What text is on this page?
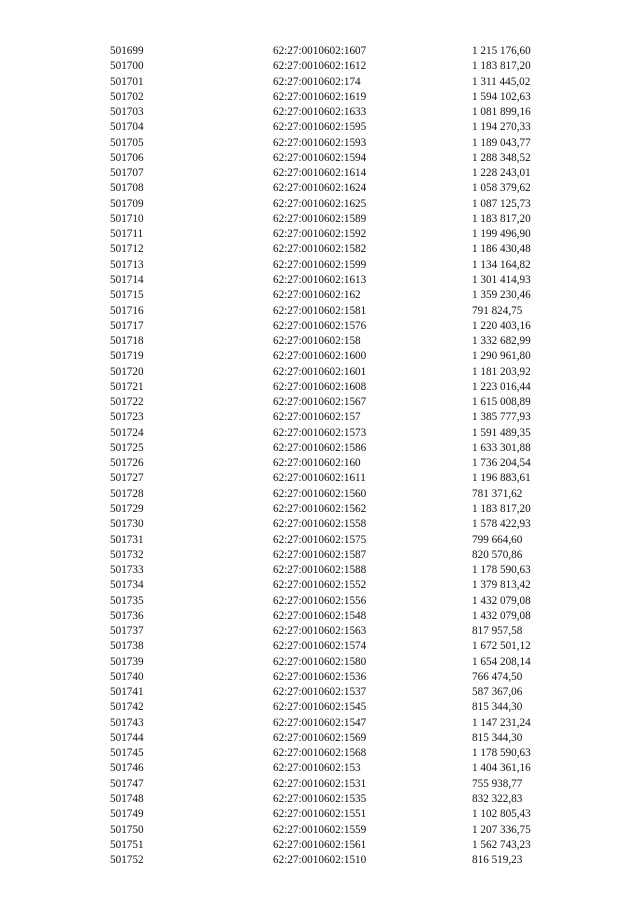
501699	62:27:0010602:1607	1 215 176,60
501700	62:27:0010602:1612	1 183 817,20
501701	62:27:0010602:174	1 311 445,02
501702	62:27:0010602:1619	1 594 102,63
501703	62:27:0010602:1633	1 081 899,16
501704	62:27:0010602:1595	1 194 270,33
501705	62:27:0010602:1593	1 189 043,77
501706	62:27:0010602:1594	1 288 348,52
501707	62:27:0010602:1614	1 228 243,01
501708	62:27:0010602:1624	1 058 379,62
501709	62:27:0010602:1625	1 087 125,73
501710	62:27:0010602:1589	1 183 817,20
501711	62:27:0010602:1592	1 199 496,90
501712	62:27:0010602:1582	1 186 430,48
501713	62:27:0010602:1599	1 134 164,82
501714	62:27:0010602:1613	1 301 414,93
501715	62:27:0010602:162	1 359 230,46
501716	62:27:0010602:1581	791 824,75
501717	62:27:0010602:1576	1 220 403,16
501718	62:27:0010602:158	1 332 682,99
501719	62:27:0010602:1600	1 290 961,80
501720	62:27:0010602:1601	1 181 203,92
501721	62:27:0010602:1608	1 223 016,44
501722	62:27:0010602:1567	1 615 008,89
501723	62:27:0010602:157	1 385 777,93
501724	62:27:0010602:1573	1 591 489,35
501725	62:27:0010602:1586	1 633 301,88
501726	62:27:0010602:160	1 736 204,54
501727	62:27:0010602:1611	1 196 883,61
501728	62:27:0010602:1560	781 371,62
501729	62:27:0010602:1562	1 183 817,20
501730	62:27:0010602:1558	1 578 422,93
501731	62:27:0010602:1575	799 664,60
501732	62:27:0010602:1587	820 570,86
501733	62:27:0010602:1588	1 178 590,63
501734	62:27:0010602:1552	1 379 813,42
501735	62:27:0010602:1556	1 432 079,08
501736	62:27:0010602:1548	1 432 079,08
501737	62:27:0010602:1563	817 957,58
501738	62:27:0010602:1574	1 672 501,12
501739	62:27:0010602:1580	1 654 208,14
501740	62:27:0010602:1536	766 474,50
501741	62:27:0010602:1537	587 367,06
501742	62:27:0010602:1545	815 344,30
501743	62:27:0010602:1547	1 147 231,24
501744	62:27:0010602:1569	815 344,30
501745	62:27:0010602:1568	1 178 590,63
501746	62:27:0010602:153	1 404 361,16
501747	62:27:0010602:1531	755 938,77
501748	62:27:0010602:1535	832 322,83
501749	62:27:0010602:1551	1 102 805,43
501750	62:27:0010602:1559	1 207 336,75
501751	62:27:0010602:1561	1 562 743,23
501752	62:27:0010602:1510	816 519,23
